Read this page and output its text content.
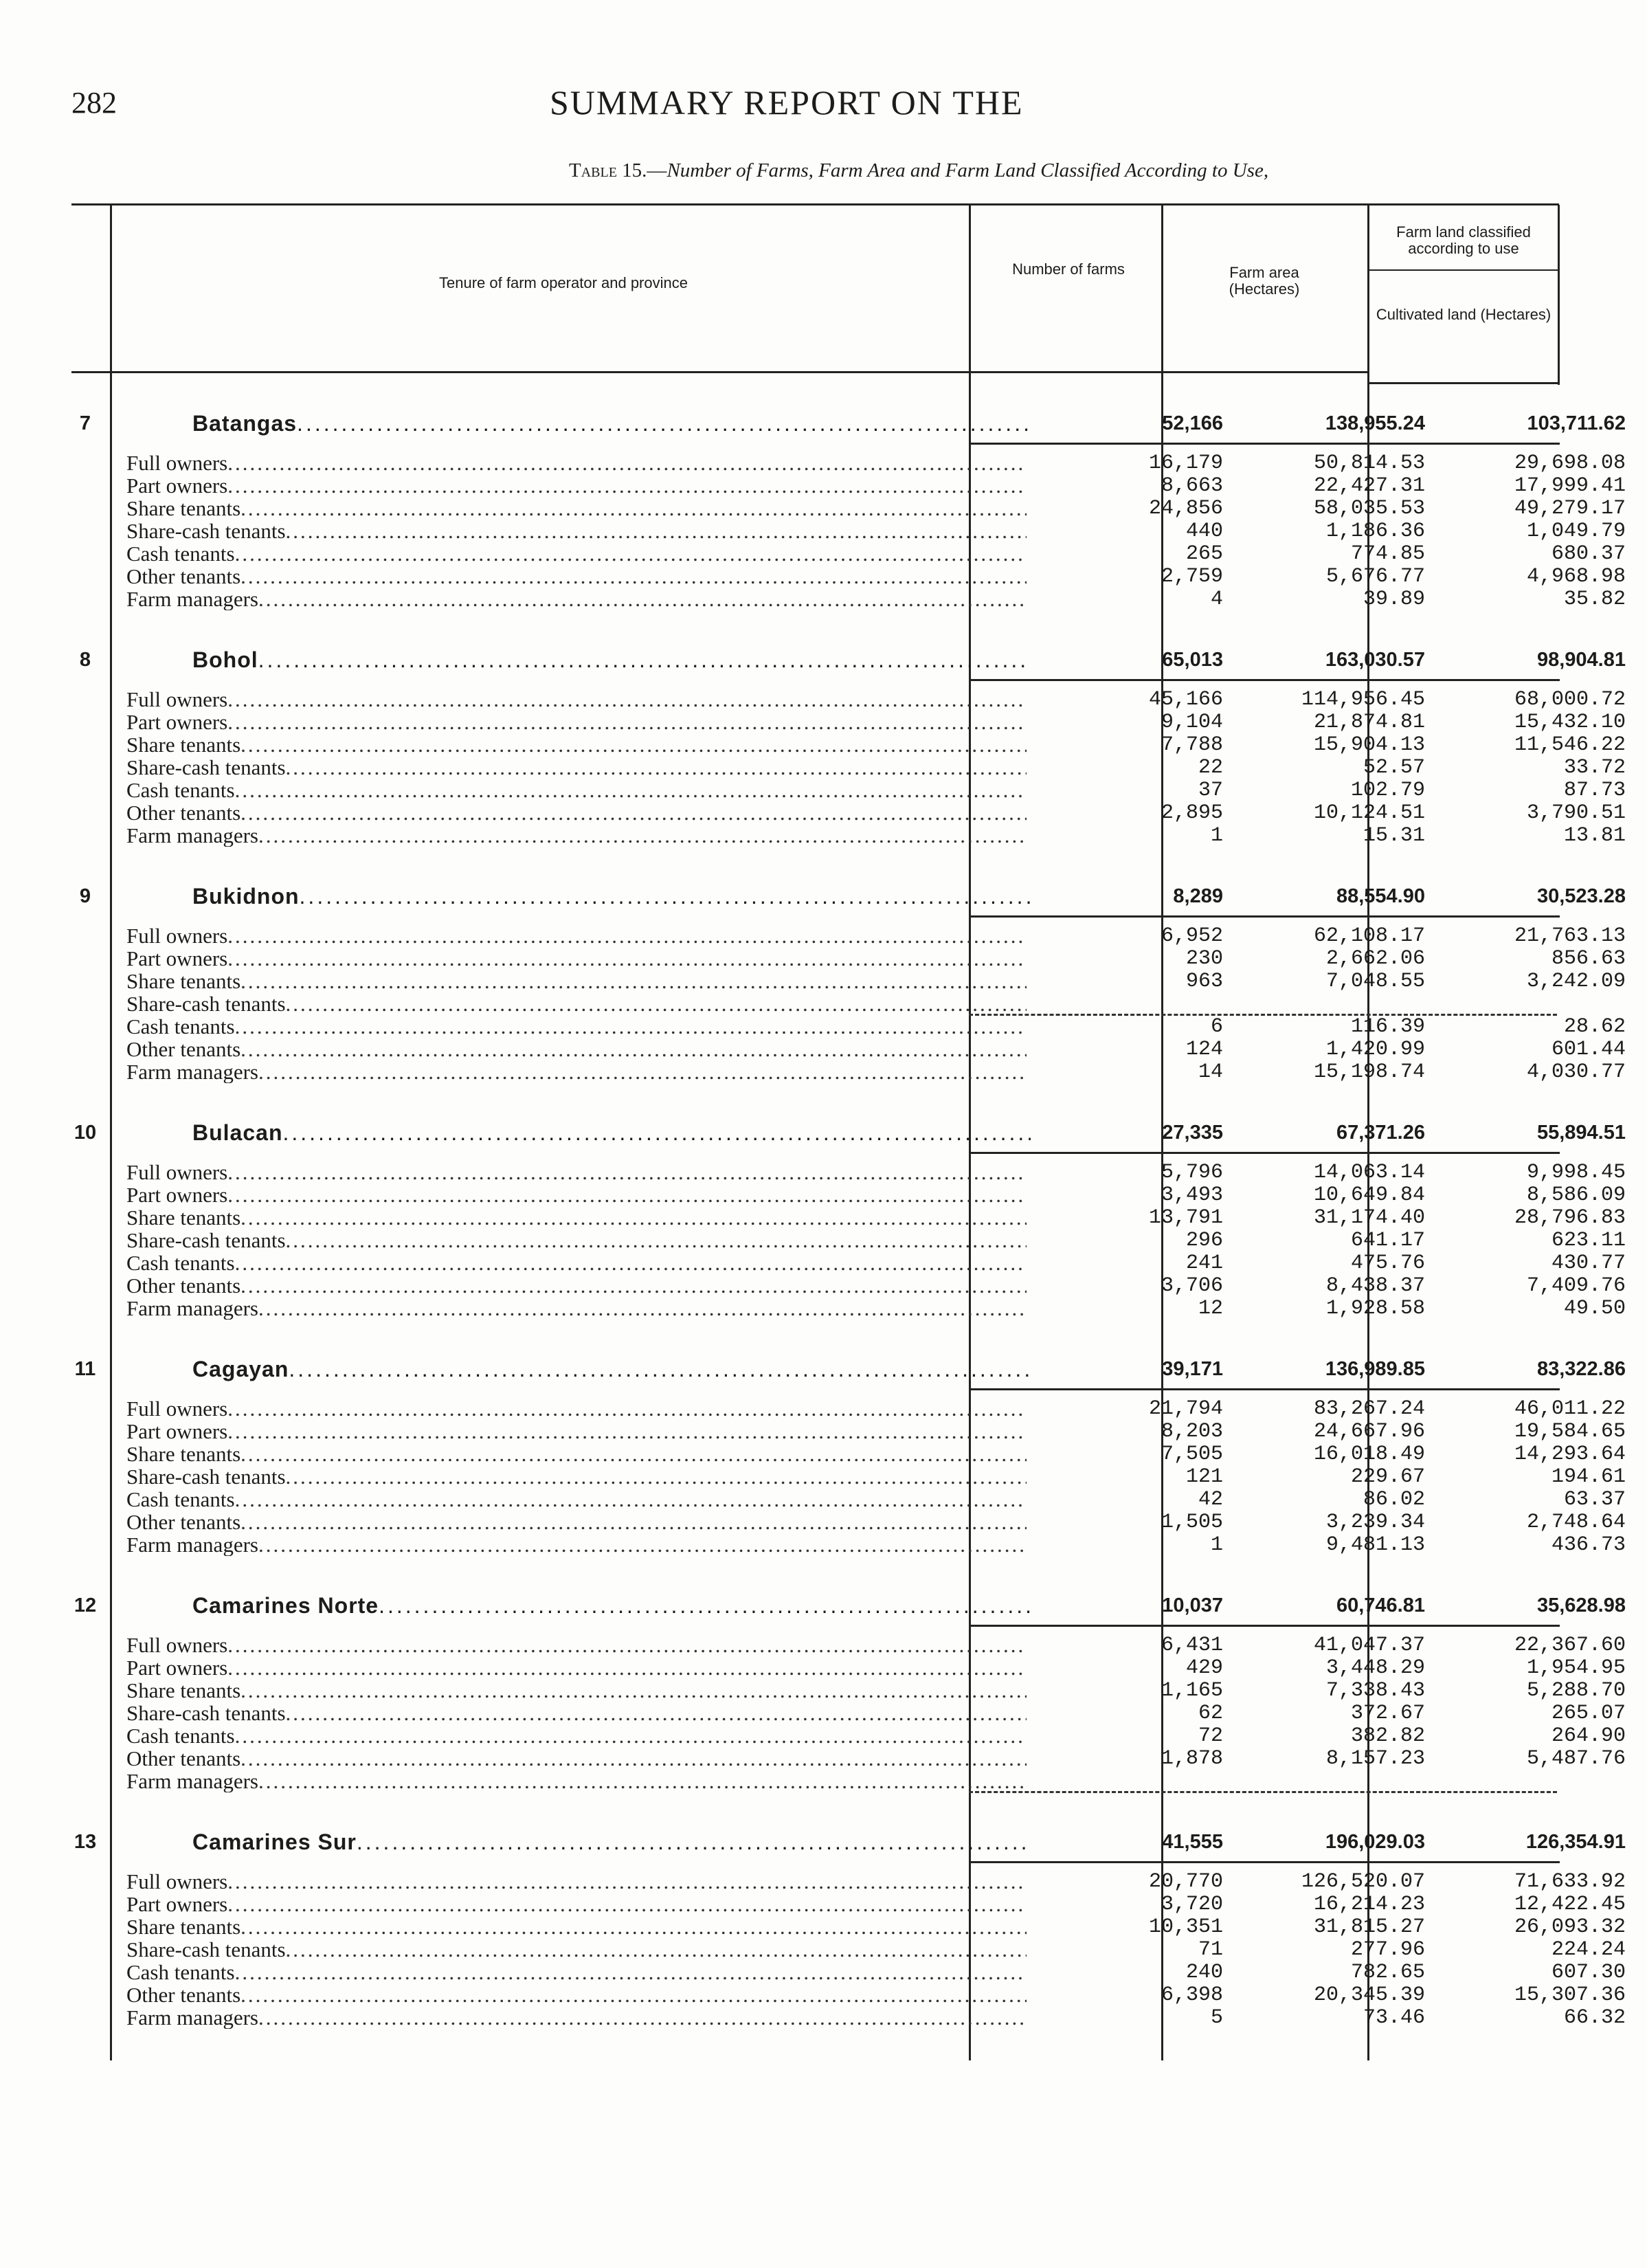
282	SUMMARY REPORT ON THE
Table 15.—Number of Farms, Farm Area and Farm Land Classified According to Use,
Tenure of farm operator and province
Number of farms	Farm area (Hectares)
Farm land classified according to use
Cultivated land (Hectares)
7	Batangas .....	52,166	138,955.24	103,711.62
Full owners .....	16,179	50,814.53	29,698.08
Part owners .....	8,663	22,427.31	17,999.41
Share tenants .....	24,856	58,035.53	49,279.17
Share-cash tenants .....	440	1,186.36	1,049.79
Cash tenants .....	265	774.85	680.37
Other tenants .....	2,759	5,676.77	4,968.98
Farm managers .....	4	39.89	35.82
8	Bohol .....	65,013	163,030.57	98,904.81
Full owners .....	45,166	114,956.45	68,000.72
Part owners .....	9,104	21,874.81	15,432.10
Share tenants .....	7,788	15,904.13	11,546.22
Share-cash tenants .....	22	52.57	33.72
Cash tenants .....	37	102.79	87.73
Other tenants .....	2,895	10,124.51	3,790.51
Farm managers .....	1	15.31	13.81
9	Bukidnon .....	8,289	88,554.90	30,523.28
Full owners .....	6,952	62,108.17	21,763.13
Part owners .....	230	2,662.06	856.63
Share tenants .....	963	7,048.55	3,242.09
Share-cash tenants .....
Cash tenants .....	6	116.39	28.62
Other tenants .....	124	1,420.99	601.44
Farm managers .....	14	15,198.74	4,030.77
10	Bulacan .....	27,335	67,371.26	55,894.51
Full owners .....	5,796	14,063.14	9,998.45
Part owners .....	3,493	10,649.84	8,586.09
Share tenants .....	13,791	31,174.40	28,796.83
Share-cash tenants .....	296	641.17	623.11
Cash tenants .....	241	475.76	430.77
Other tenants .....	3,706	8,438.37	7,409.76
Farm managers .....	12	1,928.58	49.50
11	Cagayan .....	39,171	136,989.85	83,322.86
Full owners .....	21,794	83,267.24	46,011.22
Part owners .....	8,203	24,667.96	19,584.65
Share tenants .....	7,505	16,018.49	14,293.64
Share-cash tenants .....	121	229.67	194.61
Cash tenants .....	42	86.02	63.37
Other tenants .....	1,505	3,239.34	2,748.64
Farm managers .....	1	9,481.13	436.73
12	Camarines Norte .....	10,037	60,746.81	35,628.98
Full owners .....	6,431	41,047.37	22,367.60
Part owners .....	429	3,448.29	1,954.95
Share tenants .....	1,165	7,338.43	5,288.70
Share-cash tenants .....	62	372.67	265.07
Cash tenants .....	72	382.82	264.90
Other tenants .....	1,878	8,157.23	5,487.76
Farm managers .....
13	Camarines Sur .....	41,555	196,029.03	126,354.91
Full owners .....	20,770	126,520.07	71,633.92
Part owners .....	3,720	16,214.23	12,422.45
Share tenants .....	10,351	31,815.27	26,093.32
Share-cash tenants .....	71	277.96	224.24
Cash tenants .....	240	782.65	607.30
Other tenants .....	6,398	20,345.39	15,307.36
Farm managers .....	5	73.46	66.32
